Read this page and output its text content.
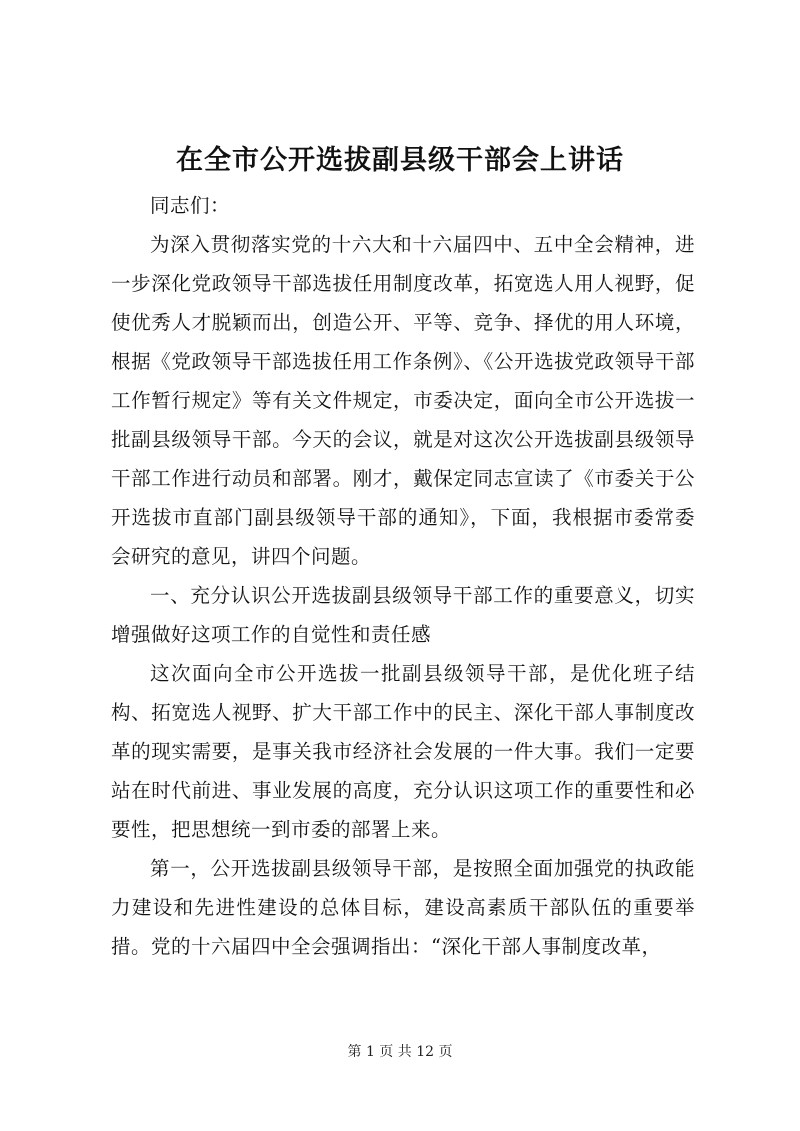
在全市公开选拔副县级干部会上讲话

同志们：

为深入贯彻落实党的十六大和十六届四中、五中全会精神，进一步深化党政领导干部选拔任用制度改革，拓宽选人用人视野，促使优秀人才脱颖而出，创造公开、平等、竞争、择优的用人环境，根据《党政领导干部选拔任用工作条例》、《公开选拔党政领导干部工作暂行规定》等有关文件规定，市委决定，面向全市公开选拔一批副县级领导干部。今天的会议，就是对这次公开选拔副县级领导干部工作进行动员和部署。刚才，戴保定同志宣读了《市委关于公开选拔市直部门副县级领导干部的通知》，下面，我根据市委常委会研究的意见，讲四个问题。

一、充分认识公开选拔副县级领导干部工作的重要意义，切实增强做好这项工作的自觉性和责任感

这次面向全市公开选拔一批副县级领导干部，是优化班子结构、拓宽选人视野、扩大干部工作中的民主、深化干部人事制度改革的现实需要，是事关我市经济社会发展的一件大事。我们一定要站在时代前进、事业发展的高度，充分认识这项工作的重要性和必要性，把思想统一到市委的部署上来。

第一，公开选拔副县级领导干部，是按照全面加强党的执政能力建设和先进性建设的总体目标，建设高素质干部队伍的重要举措。党的十六届四中全会强调指出：“深化干部人事制度改革，

第 1 页 共 12 页
